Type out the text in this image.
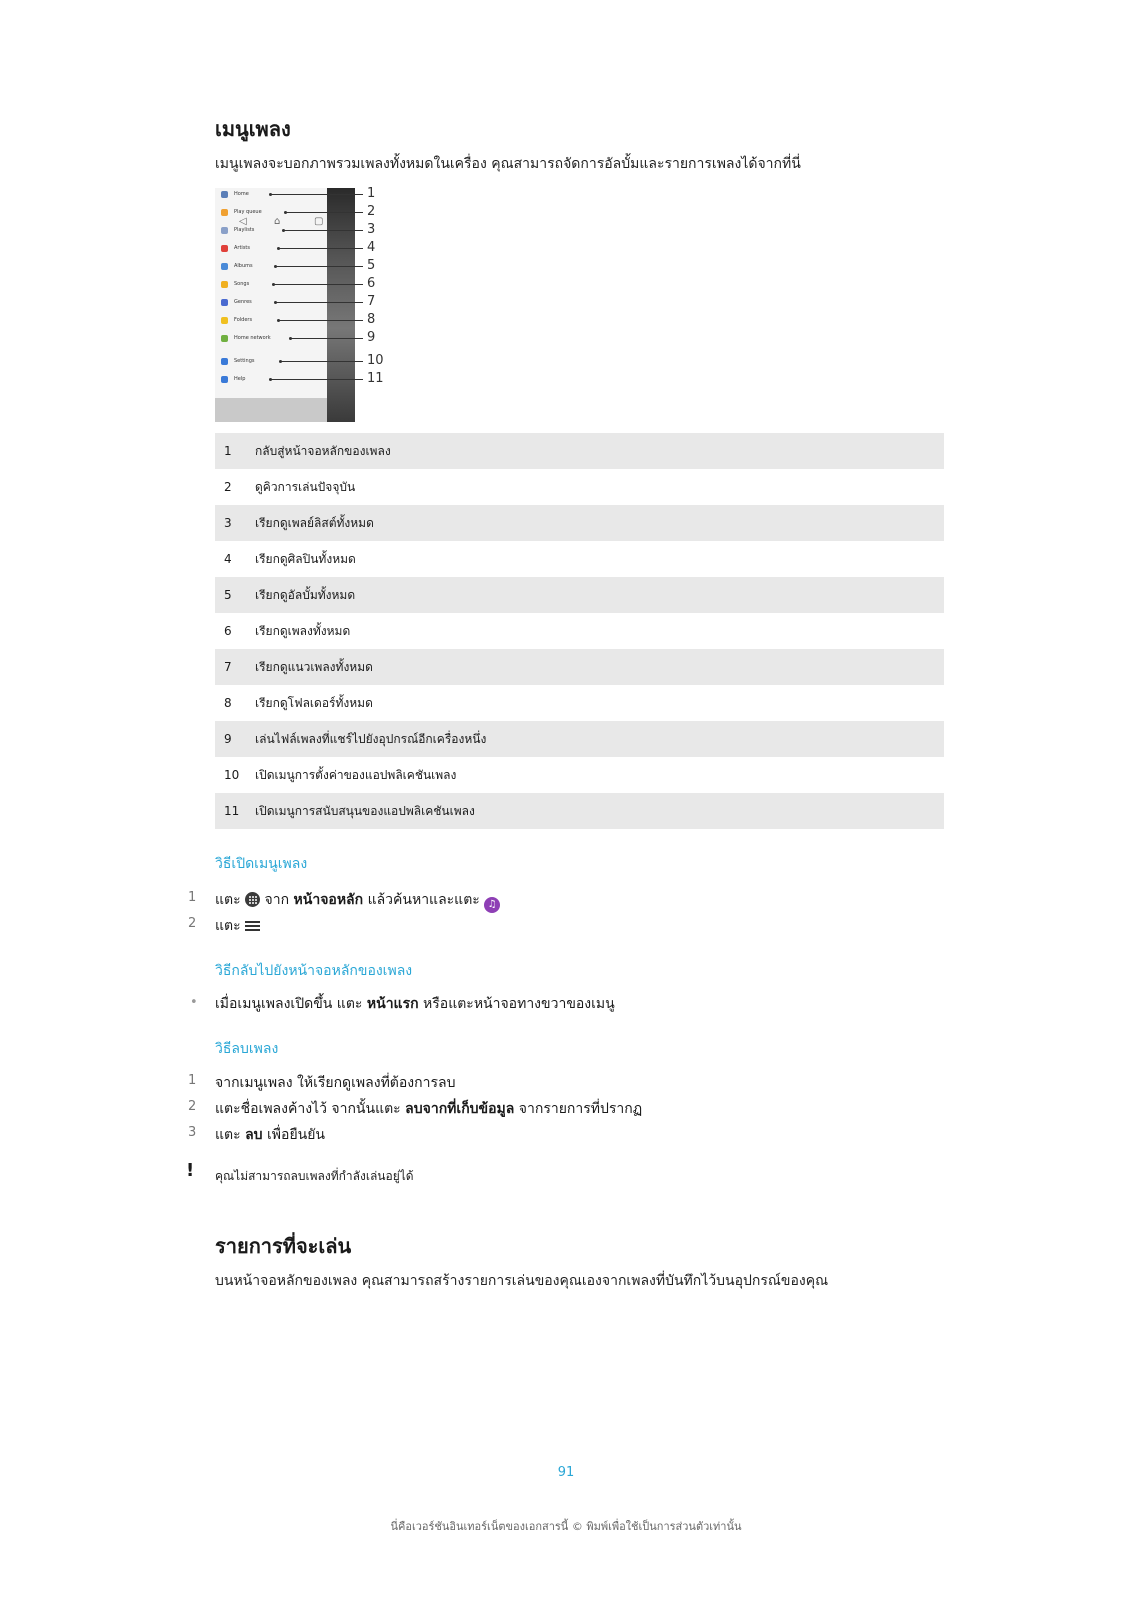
เมนูเพลง

เมนูเพลงจะบอกภาพรวมเพลงทั้งหมดในเครื่อง คุณสามารถจัดการอัลบั้มและรายการเพลงได้จากที่นี่

◁	⌂	▢
Home
Play queue
Playlists
Artists
Albums
Songs
Genres
Folders
Home network
Settings
Help
1
2
3
4
5
6
7
8
9
10
11
1 กลับสู่หน้าจอหลักของเพลง
2 ดูคิวการเล่นปัจจุบัน
3 เรียกดูเพลย์ลิสต์ทั้งหมด
4 เรียกดูศิลปินทั้งหมด
5 เรียกดูอัลบั้มทั้งหมด
6 เรียกดูเพลงทั้งหมด
7 เรียกดูแนวเพลงทั้งหมด
8 เรียกดูโฟลเดอร์ทั้งหมด
9 เล่นไฟล์เพลงที่แชร์ไปยังอุปกรณ์อีกเครื่องหนึ่ง
10 เปิดเมนูการตั้งค่าของแอปพลิเคชันเพลง
11 เปิดเมนูการสนับสนุนของแอปพลิเคชันเพลง
วิธีเปิดเมนูเพลง
1 แตะ จาก หน้าจอหลัก แล้วค้นหาและแตะ ♫
2 แตะ
วิธีกลับไปยังหน้าจอหลักของเพลง
• เมื่อเมนูเพลงเปิดขึ้น แตะ หน้าแรก หรือแตะหน้าจอทางขวาของเมนู
วิธีลบเพลง
1 จากเมนูเพลง ให้เรียกดูเพลงที่ต้องการลบ
2 แตะชื่อเพลงค้างไว้ จากนั้นแตะ ลบจากที่เก็บข้อมูล จากรายการที่ปรากฏ
3 แตะ ลบ เพื่อยืนยัน
! คุณไม่สามารถลบเพลงที่กำลังเล่นอยู่ได้
รายการที่จะเล่น

บนหน้าจอหลักของเพลง คุณสามารถสร้างรายการเล่นของคุณเองจากเพลงที่บันทึกไว้บนอุปกรณ์ของคุณ

91
นี่คือเวอร์ชันอินเทอร์เน็ตของเอกสารนี้ © พิมพ์เพื่อใช้เป็นการส่วนตัวเท่านั้น
